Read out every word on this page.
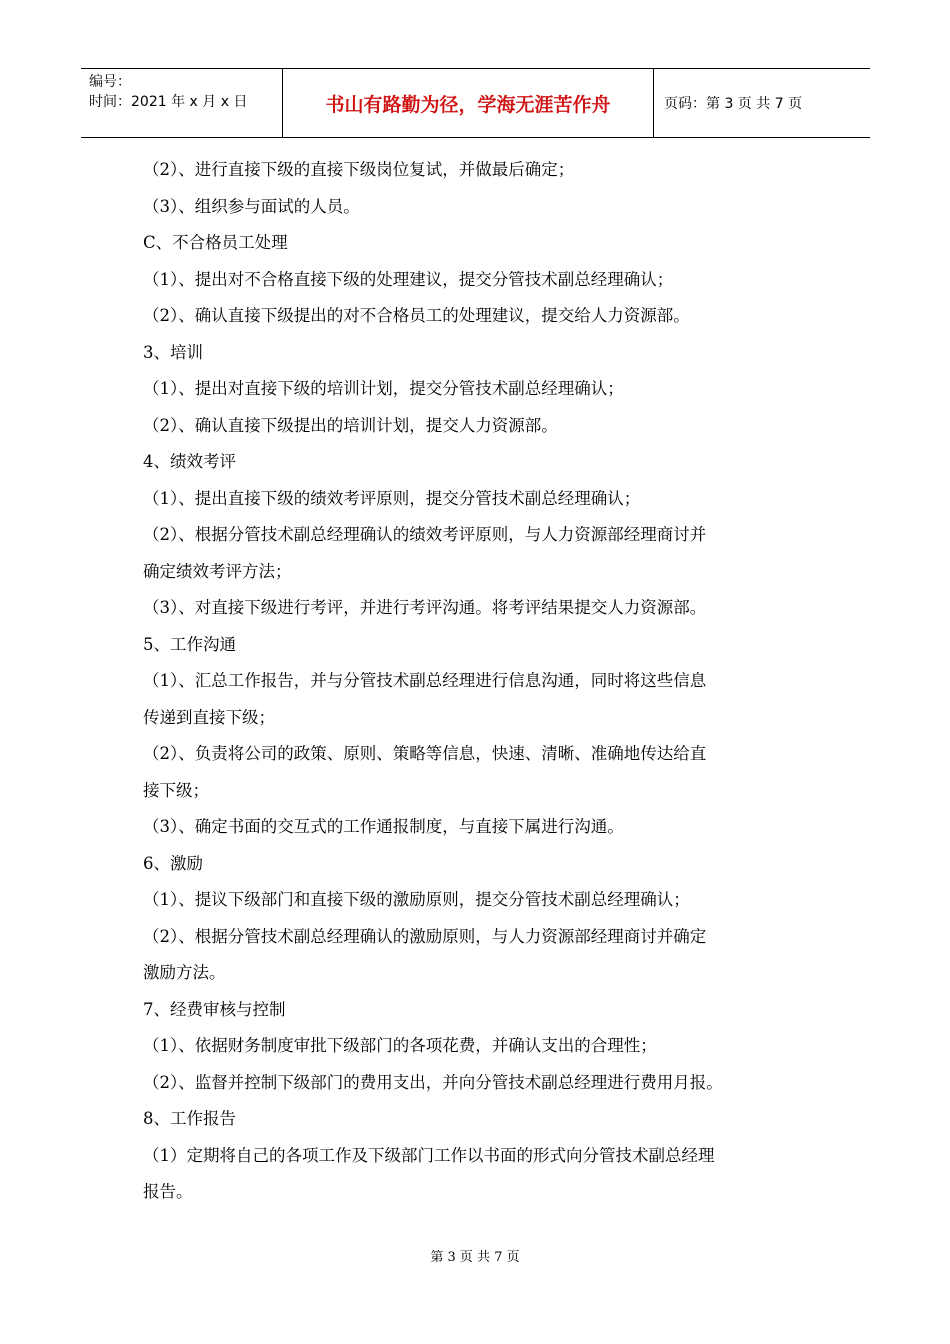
编号：
时间：2021 年 x 月 x 日	书山有路勤为径，学海无涯苦作舟	页码：第 3 页 共 7 页
（2）、进行直接下级的直接下级岗位复试，并做最后确定；
（3）、组织参与面试的人员。
C、不合格员工处理
（1）、提出对不合格直接下级的处理建议，提交分管技术副总经理确认；
（2）、确认直接下级提出的对不合格员工的处理建议，提交给人力资源部。
3、培训
（1）、提出对直接下级的培训计划，提交分管技术副总经理确认；
（2）、确认直接下级提出的培训计划，提交人力资源部。
4、绩效考评
（1）、提出直接下级的绩效考评原则，提交分管技术副总经理确认；
（2）、根据分管技术副总经理确认的绩效考评原则，与人力资源部经理商讨并
确定绩效考评方法；
（3）、对直接下级进行考评，并进行考评沟通。将考评结果提交人力资源部。
5、工作沟通
（1）、汇总工作报告，并与分管技术副总经理进行信息沟通，同时将这些信息
传递到直接下级；
（2）、负责将公司的政策、原则、策略等信息，快速、清晰、准确地传达给直
接下级；
（3）、确定书面的交互式的工作通报制度，与直接下属进行沟通。
6、激励
（1）、提议下级部门和直接下级的激励原则，提交分管技术副总经理确认；
（2）、根据分管技术副总经理确认的激励原则，与人力资源部经理商讨并确定
激励方法。
7、经费审核与控制
（1）、依据财务制度审批下级部门的各项花费，并确认支出的合理性；
（2）、监督并控制下级部门的费用支出，并向分管技术副总经理进行费用月报。
8、工作报告
（1）定期将自己的各项工作及下级部门工作以书面的形式向分管技术副总经理
报告。
第 3 页 共 7 页
